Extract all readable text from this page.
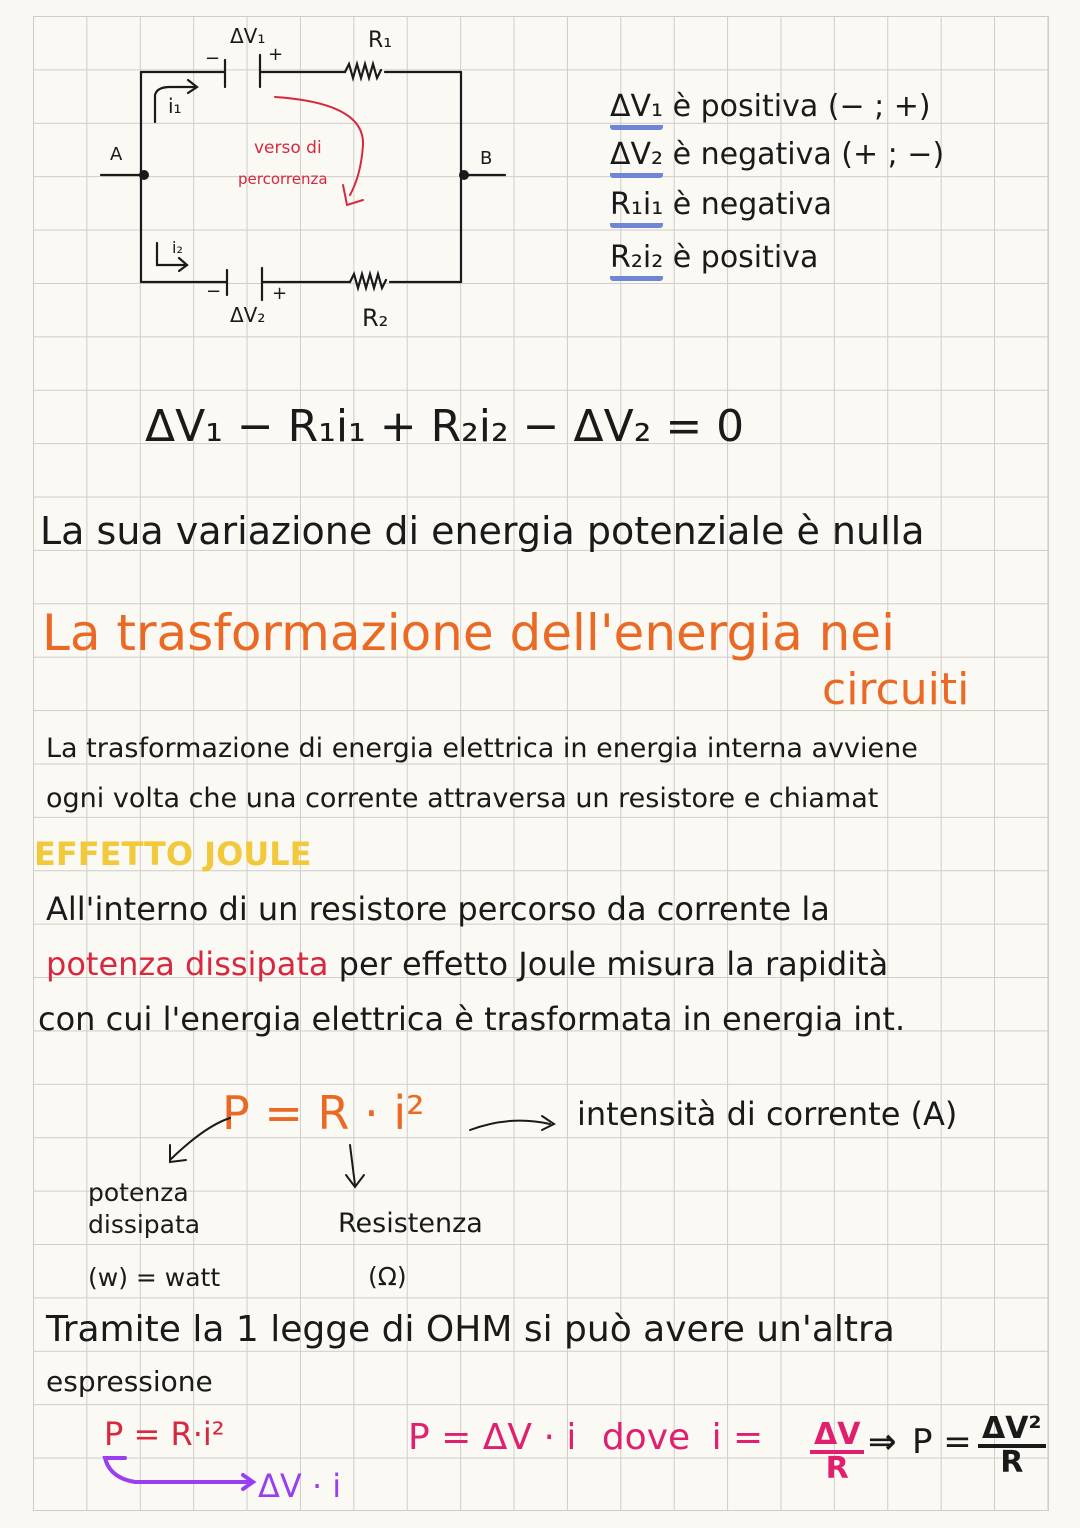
A	B
ΔV₁
−	+
R₁
ΔV₂
−	+
R₂
i₁
i₂
verso di
percorrenza
ΔV₁ è positiva (− ; +)
ΔV₂ è negativa (+ ; −)
R₁i₁ è negativa
R₂i₂ è positiva
ΔV₁ − R₁i₁ + R₂i₂ − ΔV₂ = 0
La sua variazione di energia potenziale è nulla
La trasformazione dell'energia nei
circuiti
La trasformazione di energia elettrica in energia interna avviene
ogni volta che una corrente attraversa un resistore e chiamat
EFFETTO JOULE
All'interno di un resistore percorso da corrente la
potenza dissipata per effetto Joule misura la rapidità
con cui l'energia elettrica è trasformata in energia int.
P = R · i²	intensità di corrente (A)
potenza
dissipata
(w) = watt
Resistenza
(Ω)
Tramite la 1 legge di OHM si può avere un'altra
espressione
P = R·i²
ΔV · i
P = ΔV · i dove $i = \frac{\Delta V}{R}$ ⇒ $P = \frac{\text{ΔV²}}{R}$
